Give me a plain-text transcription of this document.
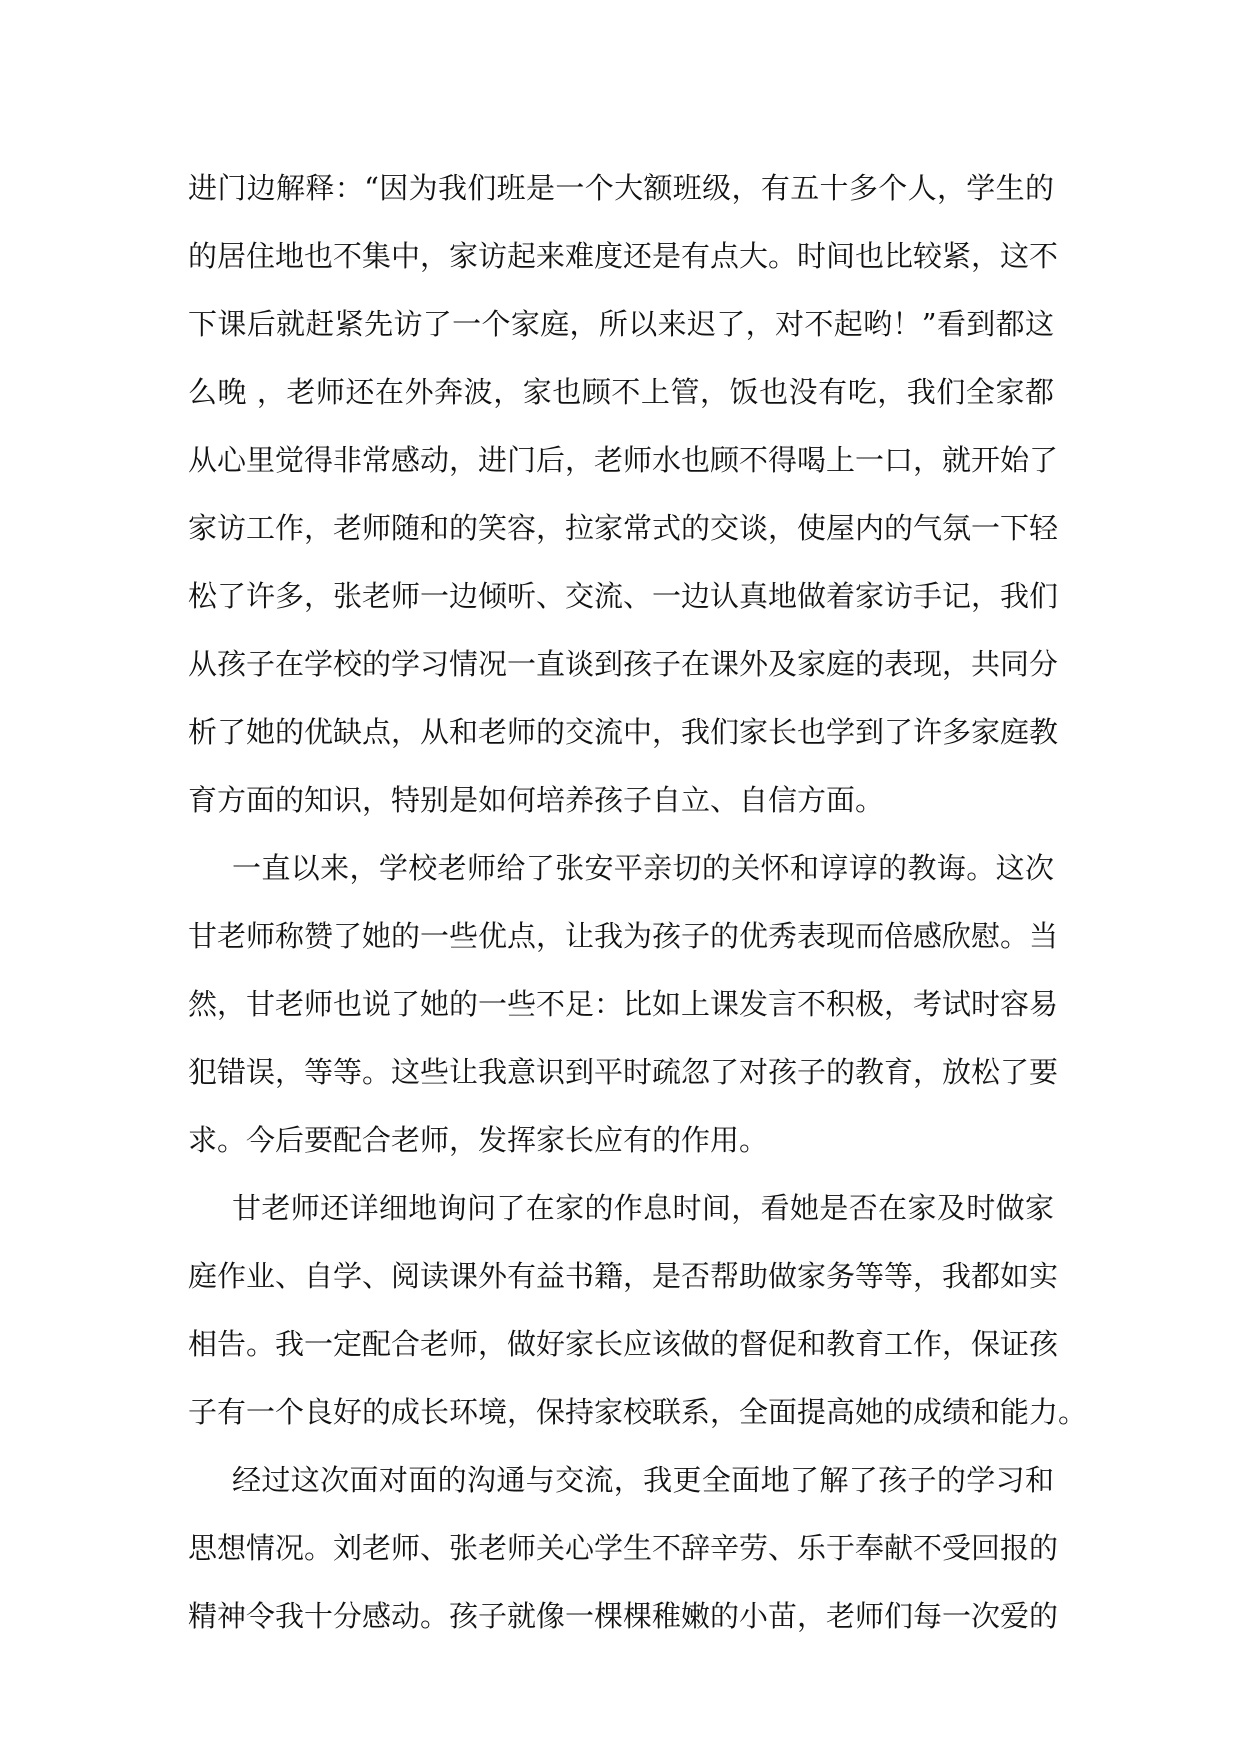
进门边解释：“因为我们班是一个大额班级，有五十多个人，学生的
的居住地也不集中，家访起来难度还是有点大。时间也比较紧，这不
下课后就赶紧先访了一个家庭，所以来迟了，对不起哟！”看到都这
么晚 ，老师还在外奔波，家也顾不上管，饭也没有吃，我们全家都
从心里觉得非常感动，进门后，老师水也顾不得喝上一口，就开始了
家访工作，老师随和的笑容，拉家常式的交谈，使屋内的气氛一下轻
松了许多，张老师一边倾听、交流、一边认真地做着家访手记，我们
从孩子在学校的学习情况一直谈到孩子在课外及家庭的表现，共同分
析了她的优缺点，从和老师的交流中，我们家长也学到了许多家庭教
育方面的知识，特别是如何培养孩子自立、自信方面。
一直以来，学校老师给了张安平亲切的关怀和谆谆的教诲。这次
甘老师称赞了她的一些优点，让我为孩子的优秀表现而倍感欣慰。当
然，甘老师也说了她的一些不足：比如上课发言不积极，考试时容易
犯错误，等等。这些让我意识到平时疏忽了对孩子的教育，放松了要
求。今后要配合老师，发挥家长应有的作用。
甘老师还详细地询问了在家的作息时间，看她是否在家及时做家
庭作业、自学、阅读课外有益书籍，是否帮助做家务等等，我都如实
相告。我一定配合老师，做好家长应该做的督促和教育工作，保证孩
子有一个良好的成长环境，保持家校联系，全面提高她的成绩和能力。
经过这次面对面的沟通与交流，我更全面地了解了孩子的学习和
思想情况。刘老师、张老师关心学生不辞辛劳、乐于奉献不受回报的
精神令我十分感动。孩子就像一棵棵稚嫩的小苗，老师们每一次爱的
